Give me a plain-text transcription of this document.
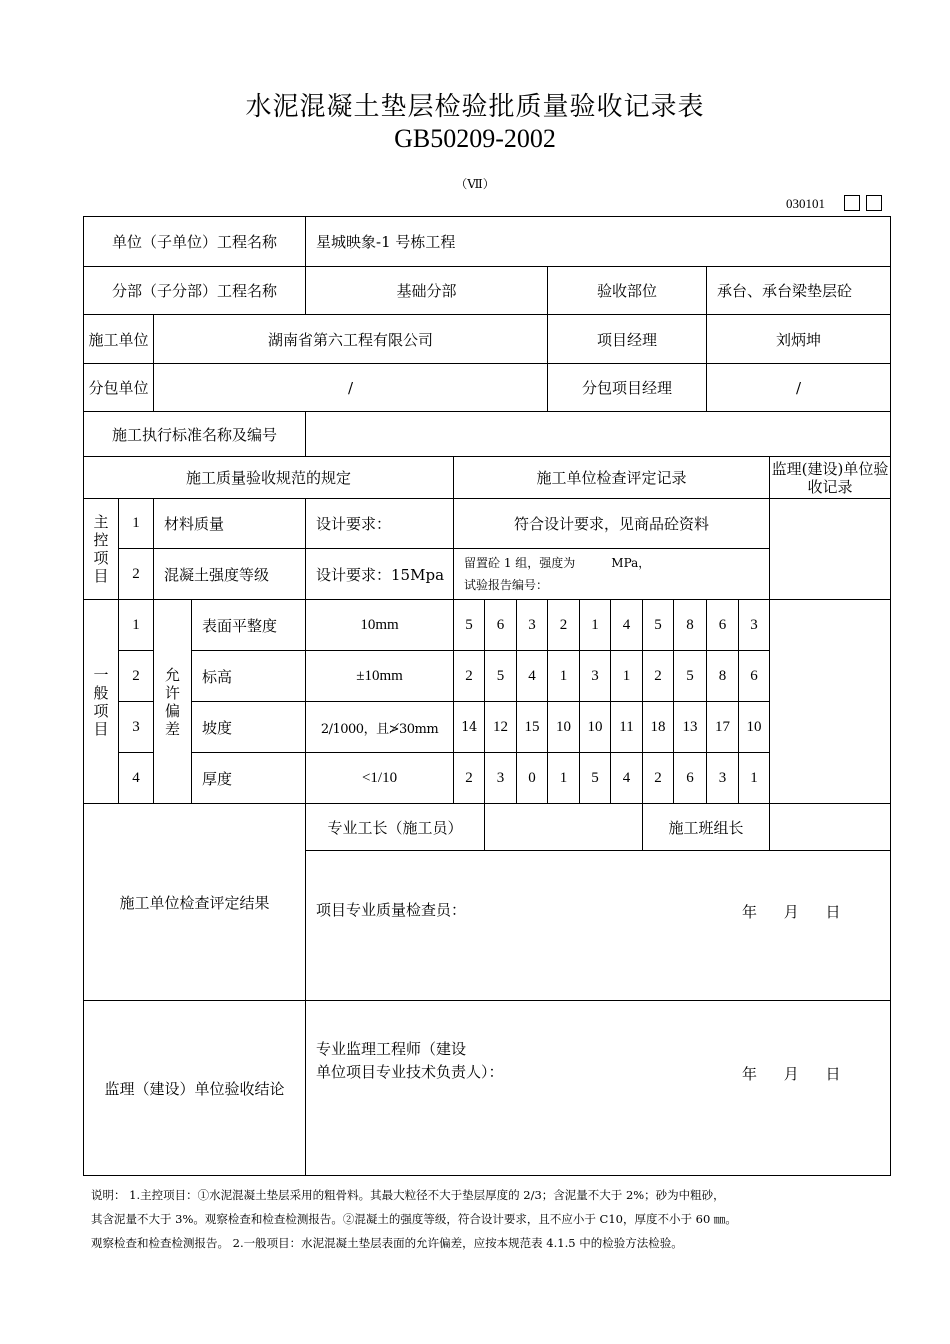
水泥混凝土垫层检验批质量验收记录表
GB50209-2002
（Ⅶ）
030101
单位（子单位）工程名称				星城映象-1 号栋工程											
分部（子分部）工程名称				基础分部				验收部位					承台、承台梁垫层砼		
施工单位		湖南省第六工程有限公司						项目经理					刘炳坤		
分包单位		/						分包项目经理					/		
施工执行标准名称及编号															
施工质量验收规范的规定					施工单位检查评定记录										监理(建设)单位验收记录
主控项目	1	材料质量		设计要求：	符合设计要求，见商品砼资料										
	2	混凝土强度等级		设计要求：15Mpa	留置砼 1 组，强度为　　　MPa，
试验报告编号：										

一般项目	1	允许偏差	表面平整度	10mm	5	6	3	2	1	4	5	8	6	3	
	2		标高	±10mm	2	5	4	1	3	1	2	5	8	6	
	3		坡度	2/1000，且≯30mm	14	12	15	10	10	11	18	13	17	10	
	4		厚度	<1/10	2	3	0	1	5	4	2	6	3	1	
施工单位检查评定结果				专业工长（施工员）							施工班组长				

				项目专业质量检查员： 年 月 日											

监理（建设）单位验收结论				专业监理工程师（建设
单位项目专业技术负责人）： 年 月 日											
说明： 1.主控项目：①水泥混凝土垫层采用的粗骨料。其最大粒径不大于垫层厚度的 2/3；含泥量不大于 2%；砂为中粗砂，
其含泥量不大于 3%。观察检查和检查检测报告。②混凝土的强度等级，符合设计要求，且不应小于 C10，厚度不小于 60 ㎜。
观察检查和检查检测报告。 2.一般项目：水泥混凝土垫层表面的允许偏差，应按本规范表 4.1.5 中的检验方法检验。
